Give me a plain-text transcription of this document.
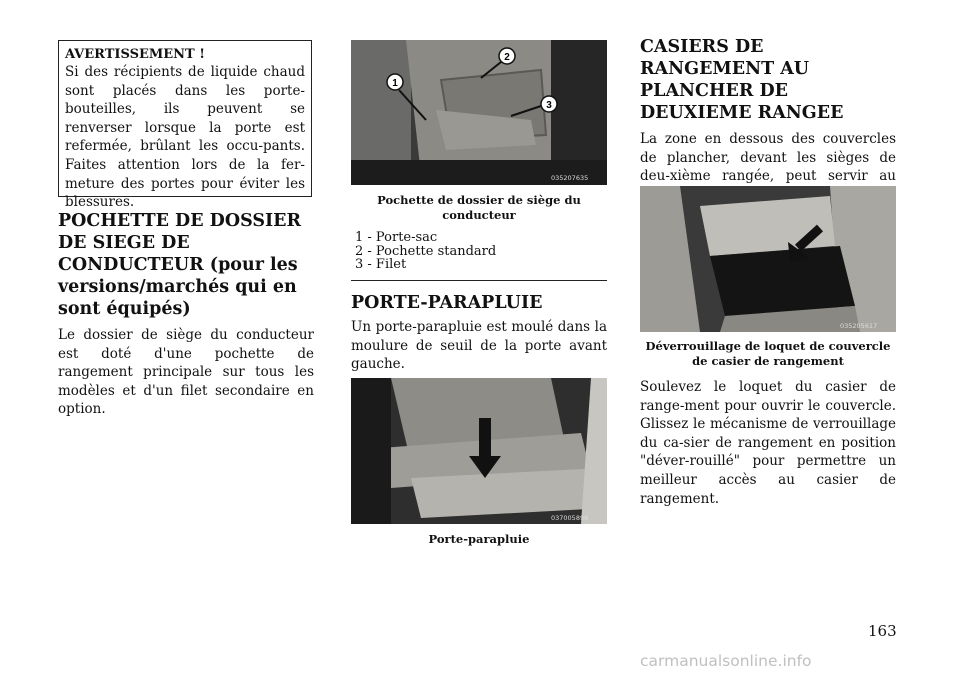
AVERTISSEMENT !
Si des récipients de liquide chaud sont placés dans les porte-bouteilles, ils peuvent se renverser lorsque la porte est refermée, brûlant les occu-pants. Faites attention lors de la fer-meture des portes pour éviter les blessures.
POCHETTE DE DOSSIER DE SIEGE DE CONDUCTEUR (pour les versions/marchés qui en sont équipés)

Le dossier de siège du conducteur est doté d'une pochette de rangement principale sur tous les modèles et d'un filet secondaire en option.

1
2
3
035207635
Pochette de dossier de siège du conducteur
1 - Porte-sac
2 - Pochette standard
3 - Filet
PORTE-PARAPLUIE

Un porte-parapluie est moulé dans la moulure de seuil de la porte avant gauche.

037005896
Porte-parapluie
CASIERS DE RANGEMENT AU PLANCHER DE DEUXIEME RANGEE

La zone en dessous des couvercles de plancher, devant les sièges de deu-xième rangée, peut servir au

035205617
Déverrouillage de loquet de couvercle de casier de rangement

Soulevez le loquet du casier de range-ment pour ouvrir le couvercle. Glissez le mécanisme de verrouillage du ca-sier de rangement en position "déver-rouillé" pour permettre un meilleur accès au casier de rangement.

163
carmanualsonline.info
